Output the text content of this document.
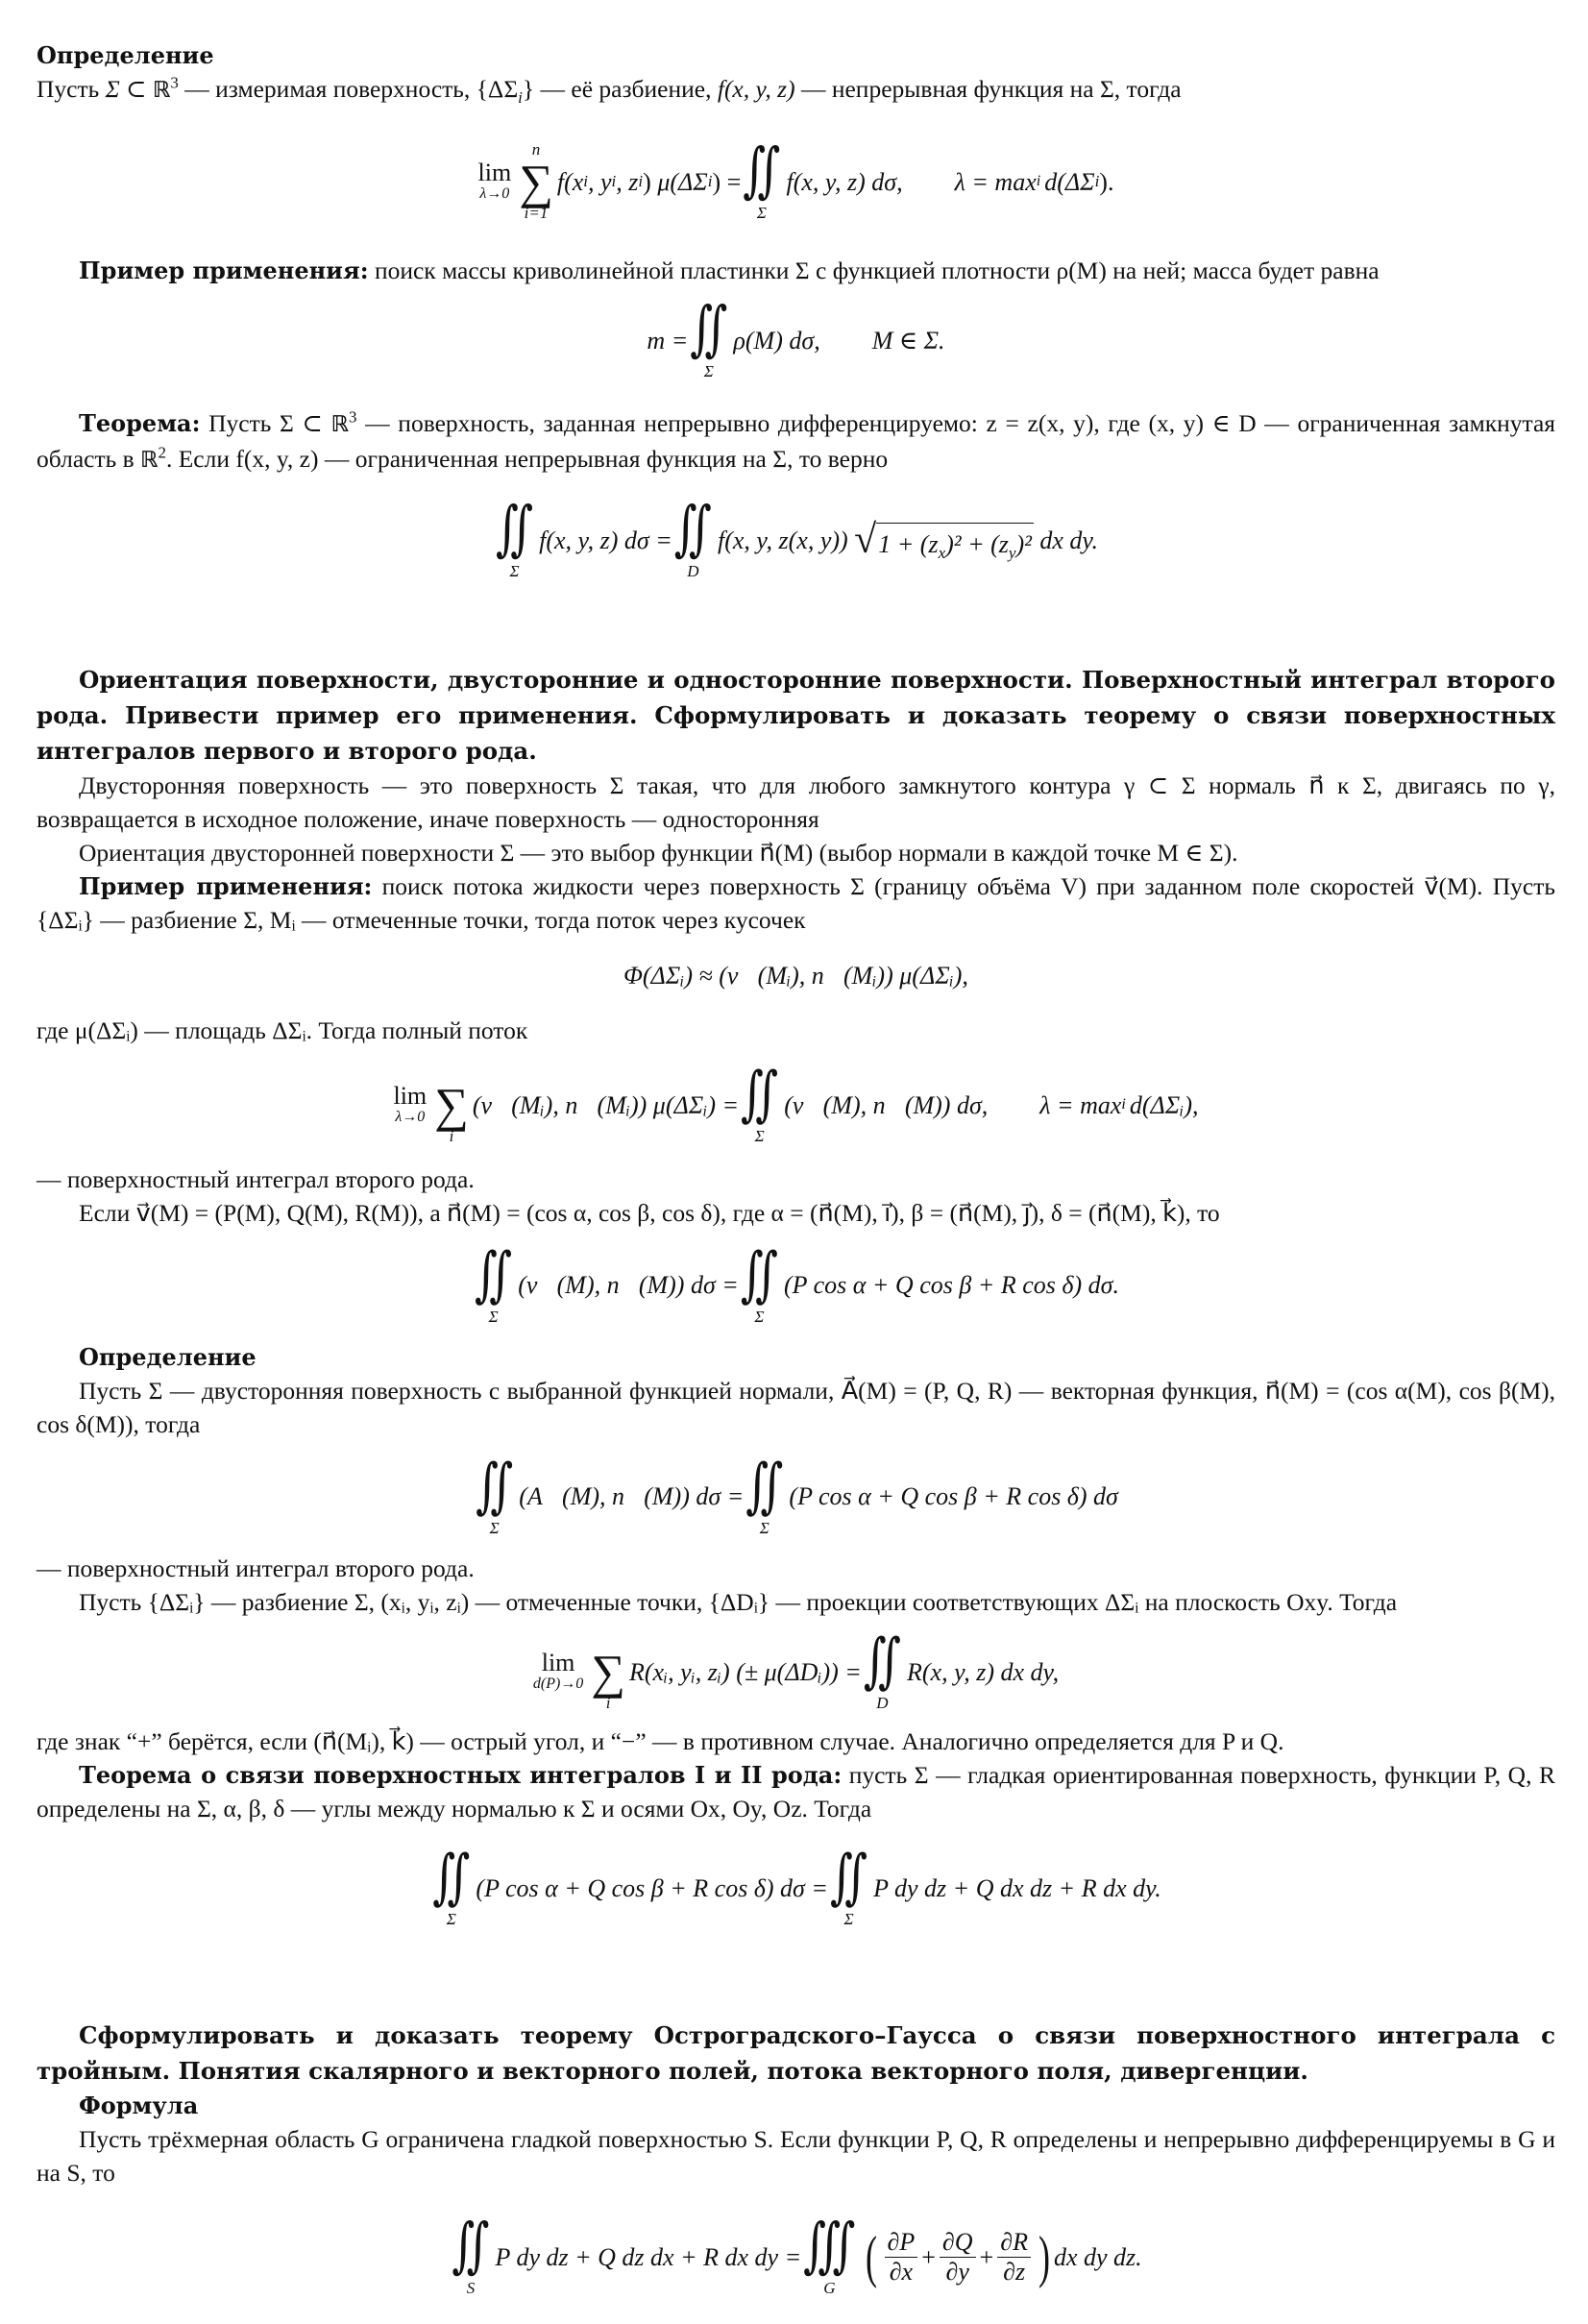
Определение

Пусть Σ ⊂ ℝ$^3$ — измеримая поверхность, $\{\Delta\Sigma_i\}$ — её разбиение, f(x, y, z) — непрерывная функция на Σ, тогда

lim
λ→0
n
∑
i=1
f(x i , y i , z i ) μ(ΔΣ i ) = ∬
Σ
f(x, y, z) dσ, λ = max i d(ΔΣ i ).

Пример применения: поиск массы криволинейной пластинки Σ с функцией плотности ρ(M) на ней; масса будет равна

m = ∬
Σ
ρ(M) dσ, M ∈ Σ.

Теорема: Пусть Σ ⊂ ℝ$^3$ — поверхность, заданная непрерывно дифференцируемо: z = z(x, y), где (x, y) ∈ D — ограниченная замкнутая область в ℝ$^2$. Если f(x, y, z) — ограниченная непрерывная функция на Σ, то верно

∬
Σ
f(x, y, z) dσ = ∬
D
f(x, y, z(x, y))
√ $1 + (z_x)^2 + (z_y)^2$
dx dy.

Ориентация поверхности, двусторонние и односторонние поверхности. Поверхностный интеграл второго рода. Привести пример его применения. Сформулировать и доказать теорему о связи поверхностных интегралов первого и второго рода.

Двусторонняя поверхность — это поверхность Σ такая, что для любого замкнутого контура γ ⊂ Σ нормаль n⃗ к Σ, двигаясь по γ, возвращается в исходное положение, иначе поверхность — односторонняя

Ориентация двусторонней поверхности Σ — это выбор функции n⃗(M) (выбор нормали в каждой точке M ∈ Σ).

Пример применения: поиск потока жидкости через поверхность Σ (границу объёма V) при заданном поле скоростей v⃗(M). Пусть {ΔΣᵢ} — разбиение Σ, Mᵢ — отмеченные точки, тогда поток через кусочек

Φ(ΔΣᵢ) ≈ (v⃗(Mᵢ), n⃗(Mᵢ)) μ(ΔΣᵢ),

где μ(ΔΣᵢ) — площадь ΔΣᵢ. Тогда полный поток

lim
λ→0
∑
i
(v⃗(Mᵢ), n⃗(Mᵢ)) μ(ΔΣᵢ) = ∬
Σ
(v⃗(M), n⃗(M)) dσ, λ = max i d(ΔΣᵢ),

— поверхностный интеграл второго рода.

Если v⃗(M) = (P(M), Q(M), R(M)), а n⃗(M) = (cos α, cos β, cos δ), где α = (n⃗(M), i⃗), β = (n⃗(M), j⃗), δ = (n⃗(M), k⃗), то

∬
Σ
(v⃗(M), n⃗(M)) dσ = ∬
Σ
(P cos α + Q cos β + R cos δ) dσ.

Определение

Пусть Σ — двусторонняя поверхность с выбранной функцией нормали, A⃗(M) = (P, Q, R) — векторная функция, n⃗(M) = (cos α(M), cos β(M), cos δ(M)), тогда

∬
Σ
(A⃗(M), n⃗(M)) dσ = ∬
Σ
(P cos α + Q cos β + R cos δ) dσ

— поверхностный интеграл второго рода.

Пусть {ΔΣᵢ} — разбиение Σ, (xᵢ, yᵢ, zᵢ) — отмеченные точки, {ΔDᵢ} — проекции соответствующих ΔΣᵢ на плоскость Oxy. Тогда

lim
d(P)→0
∑
i
R(xᵢ, yᵢ, zᵢ) (± μ(ΔDᵢ)) = ∬
D
R(x, y, z) dx dy,

где знак “+” берётся, если (n⃗(Mᵢ), k⃗) — острый угол, и “−” — в противном случае. Аналогично определяется для P и Q.

Теорема о связи поверхностных интегралов I и II рода: пусть Σ — гладкая ориентированная поверхность, функции P, Q, R определены на Σ, α, β, δ — углы между нормалью к Σ и осями Ox, Oy, Oz. Тогда

∬
Σ
(P cos α + Q cos β + R cos δ) dσ = ∬
Σ
P dy dz + Q dx dz + R dx dy.

Сформулировать и доказать теорему Остроградского–Гаусса о связи поверхностного интеграла с тройным. Понятия скалярного и векторного полей, потока векторного поля, дивергенции.

Формула

Пусть трёхмерная область G ограничена гладкой поверхностью S. Если функции P, Q, R определены и непрерывно дифференцируемы в G и на S, то

∬
S
P dy dz + Q dz dx + R dx dy = ∭
G ( $\frac{\partial P}{\partial x} + \frac{\partial Q}{\partial y} + \frac{\partial R}{\partial z}$ ) dx dy dz.
